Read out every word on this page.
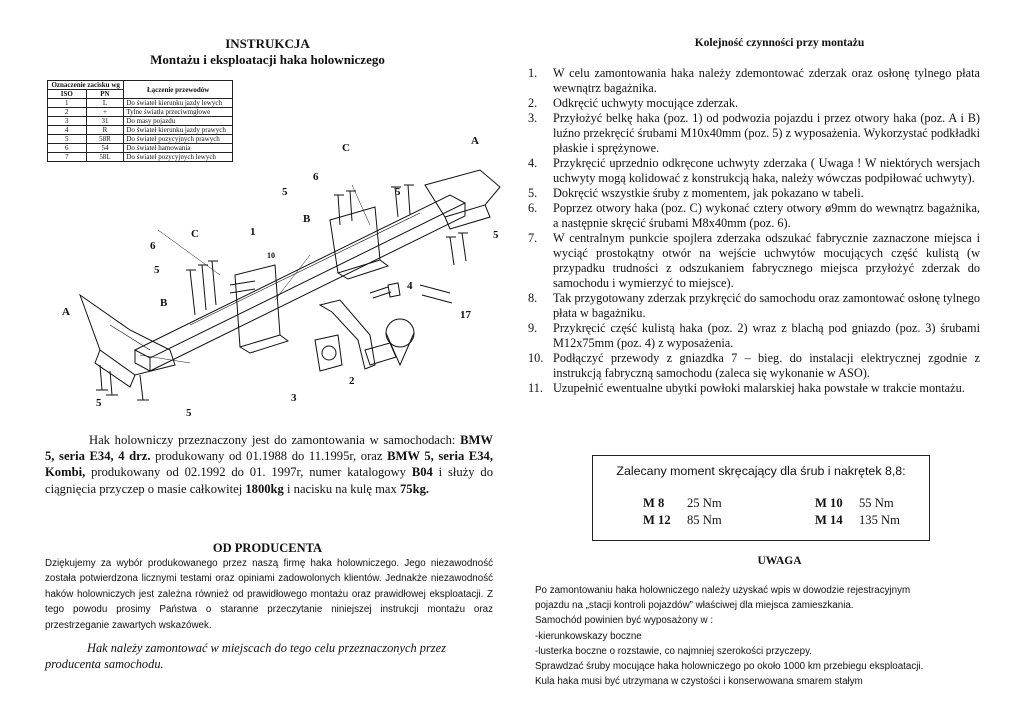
INSTRUKCJA
Montażu i eksploatacji haka holowniczego
Oznaczenie zacisku wg		Łączenie przewodów
ISO	PN	
1	L	Do świateł kierunku jazdy lewych
2	+	Tylne światła przeciwmgłowe
3	31	Do masy pojazdu
4	R	Do świateł kierunku jazdy prawych
5	58R	Do świateł pozycyjnych prawych
6	54	Do świateł hamowania
7	58L	Do świateł pozycyjnych lewych
A
A
B
B
C
C
1
2
3
4
5	5
5
5
5
5
6
6
10
17
Hak holowniczy przeznaczony jest do zamontowania w samochodach: BMW 5, seria E34, 4 drz. produkowany od 01.1988 do 11.1995r, oraz BMW 5, seria E34, Kombi, produkowany od 02.1992 do 01. 1997r, numer katalogowy B04 i służy do ciągnięcia przyczep o masie całkowitej 1800kg i nacisku na kulę max 75kg.
OD PRODUCENTA
Dziękujemy za wybór produkowanego przez naszą firmę haka holowniczego. Jego niezawodność została potwierdzona licznymi testami oraz opiniami zadowolonych klientów. Jednakże niezawodność haków holowniczych jest zależna również od prawidłowego montażu oraz prawidłowej eksploatacji. Z tego powodu prosimy Państwa o staranne przeczytanie niniejszej instrukcji montażu oraz przestrzeganie zawartych wskazówek.
Hak należy zamontować w miejscach do tego celu przeznaczonych przez producenta samochodu.
Kolejność czynności przy montażu
1.	W celu zamontowania haka należy zdemontować zderzak oraz osłonę tylnego płata wewnątrz bagażnika.
2.	Odkręcić uchwyty mocujące zderzak.
3.	Przyłożyć belkę haka (poz. 1) od podwozia pojazdu i przez otwory haka (poz. A i B) luźno przekręcić śrubami M10x40mm (poz. 5) z wyposażenia. Wykorzystać podkładki płaskie i sprężynowe.
4.	Przykręcić uprzednio odkręcone uchwyty zderzaka ( Uwaga ! W niektórych wersjach uchwyty mogą kolidować z konstrukcją haka, należy wówczas podpiłować uchwyty).
5.	Dokręcić wszystkie śruby z momentem, jak pokazano w tabeli.
6.	Poprzez otwory haka (poz. C) wykonać cztery otwory ø9mm do wewnątrz bagażnika, a następnie skręcić śrubami M8x40mm (poz. 6).
7.	W centralnym punkcie spojlera zderzaka odszukać fabrycznie zaznaczone miejsca i wyciąć prostokątny otwór na wejście uchwytów mocujących część kulistą (w przypadku trudności z odszukaniem fabrycznego miejsca przyłożyć zderzak do samochodu i wymierzyć to miejsce).
8.	Tak przygotowany zderzak przykręcić do samochodu oraz zamontować osłonę tylnego płata w bagażniku.
9.	Przykręcić część kulistą haka (poz. 2) wraz z blachą pod gniazdo (poz. 3) śrubami M12x75mm (poz. 4) z wyposażenia.
10. Podłączyć przewody z gniazdka 7 – bieg. do instalacji elektrycznej zgodnie z instrukcją fabryczną samochodu (zaleca się wykonanie w ASO).
11. Uzupełnić ewentualne ubytki powłoki malarskiej haka powstałe w trakcie montażu.
Zalecany moment skręcający dla śrub i nakrętek 8,8:
M 8 25 Nm	M 10 55 Nm
M 12 85 Nm	M 14 135 Nm
UWAGA
Po zamontowaniu haka holowniczego należy uzyskać wpis w dowodzie rejestracyjnym
pojazdu na „stacji kontroli pojazdów” właściwej dla miejsca zamieszkania.
Samochód powinien być wyposażony w :
-kierunkowskazy boczne
-lusterka boczne o rozstawie, co najmniej szerokości przyczepy.
Sprawdzać śruby mocujące haka holowniczego po około 1000 km przebiegu eksploatacji.
Kula haka musi być utrzymana w czystości i konserwowana smarem stałym
